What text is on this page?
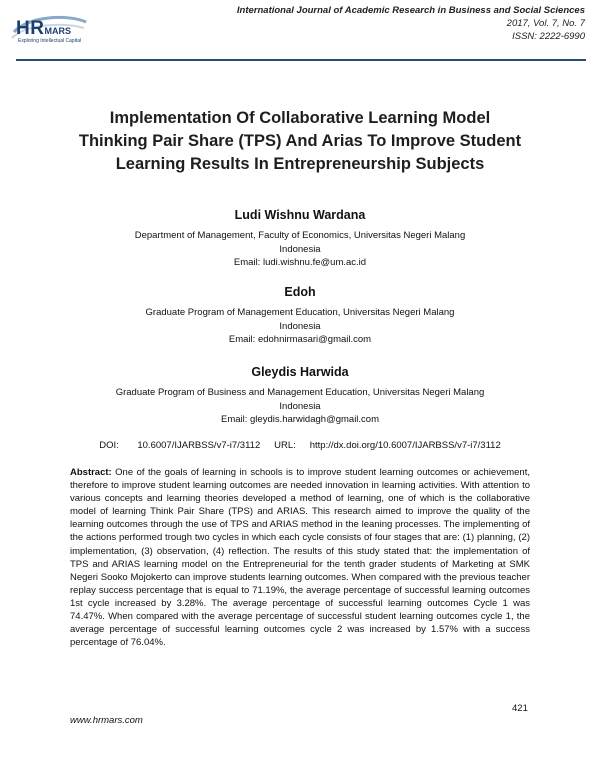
HRMARS
Exploring Intellectual Capital
International Journal of Academic Research in Business and Social Sciences
2017, Vol. 7, No. 7
ISSN: 2222-6990
Implementation Of Collaborative Learning Model
Thinking Pair Share (TPS) And Arias To Improve Student
Learning Results In Entrepreneurship Subjects
Ludi Wishnu Wardana
Department of Management, Faculty of Economics, Universitas Negeri Malang
Indonesia
Email: ludi.wishnu.fe@um.ac.id
Edoh
Graduate Program of Management Education, Universitas Negeri Malang
Indonesia
Email: edohnirmasari@gmail.com
Gleydis Harwida
Graduate Program of Business and Management Education, Universitas Negeri Malang
Indonesia
Email: gleydis.harwidagh@gmail.com
DOI: 10.6007/IJARBSS/v7-i7/3112 URL: http://dx.doi.org/10.6007/IJARBSS/v7-i7/3112
Abstract: One of the goals of learning in schools is to improve student learning outcomes or achievement, therefore to improve student learning outcomes are needed innovation in learning activities. With attention to various concepts and learning theories developed a method of learning, one of which is the collaborative model of learning Think Pair Share (TPS) and ARIAS. This research aimed to improve the quality of the learning outcomes through the use of TPS and ARIAS method in the leaning processes. The implementing of the actions performed trough two cycles in which each cycle consists of four stages that are: (1) planning, (2) implementation, (3) observation, (4) reflection. The results of this study stated that: the implementation of TPS and ARIAS learning model on the Entrepreneurial for the tenth grader students of Marketing at SMK Negeri Sooko Mojokerto can improve students learning outcomes. When compared with the previous teacher replay success percentage that is equal to 71.19%, the average percentage of successful learning outcomes 1st cycle increased by 3.28%. The average percentage of successful learning outcomes Cycle 1 was 74.47%. When compared with the average percentage of successful student learning outcomes cycle 1, the average percentage of successful learning outcomes cycle 2 was increased by 1.57% with a success percentage of 76.04%.
421
www.hrmars.com
